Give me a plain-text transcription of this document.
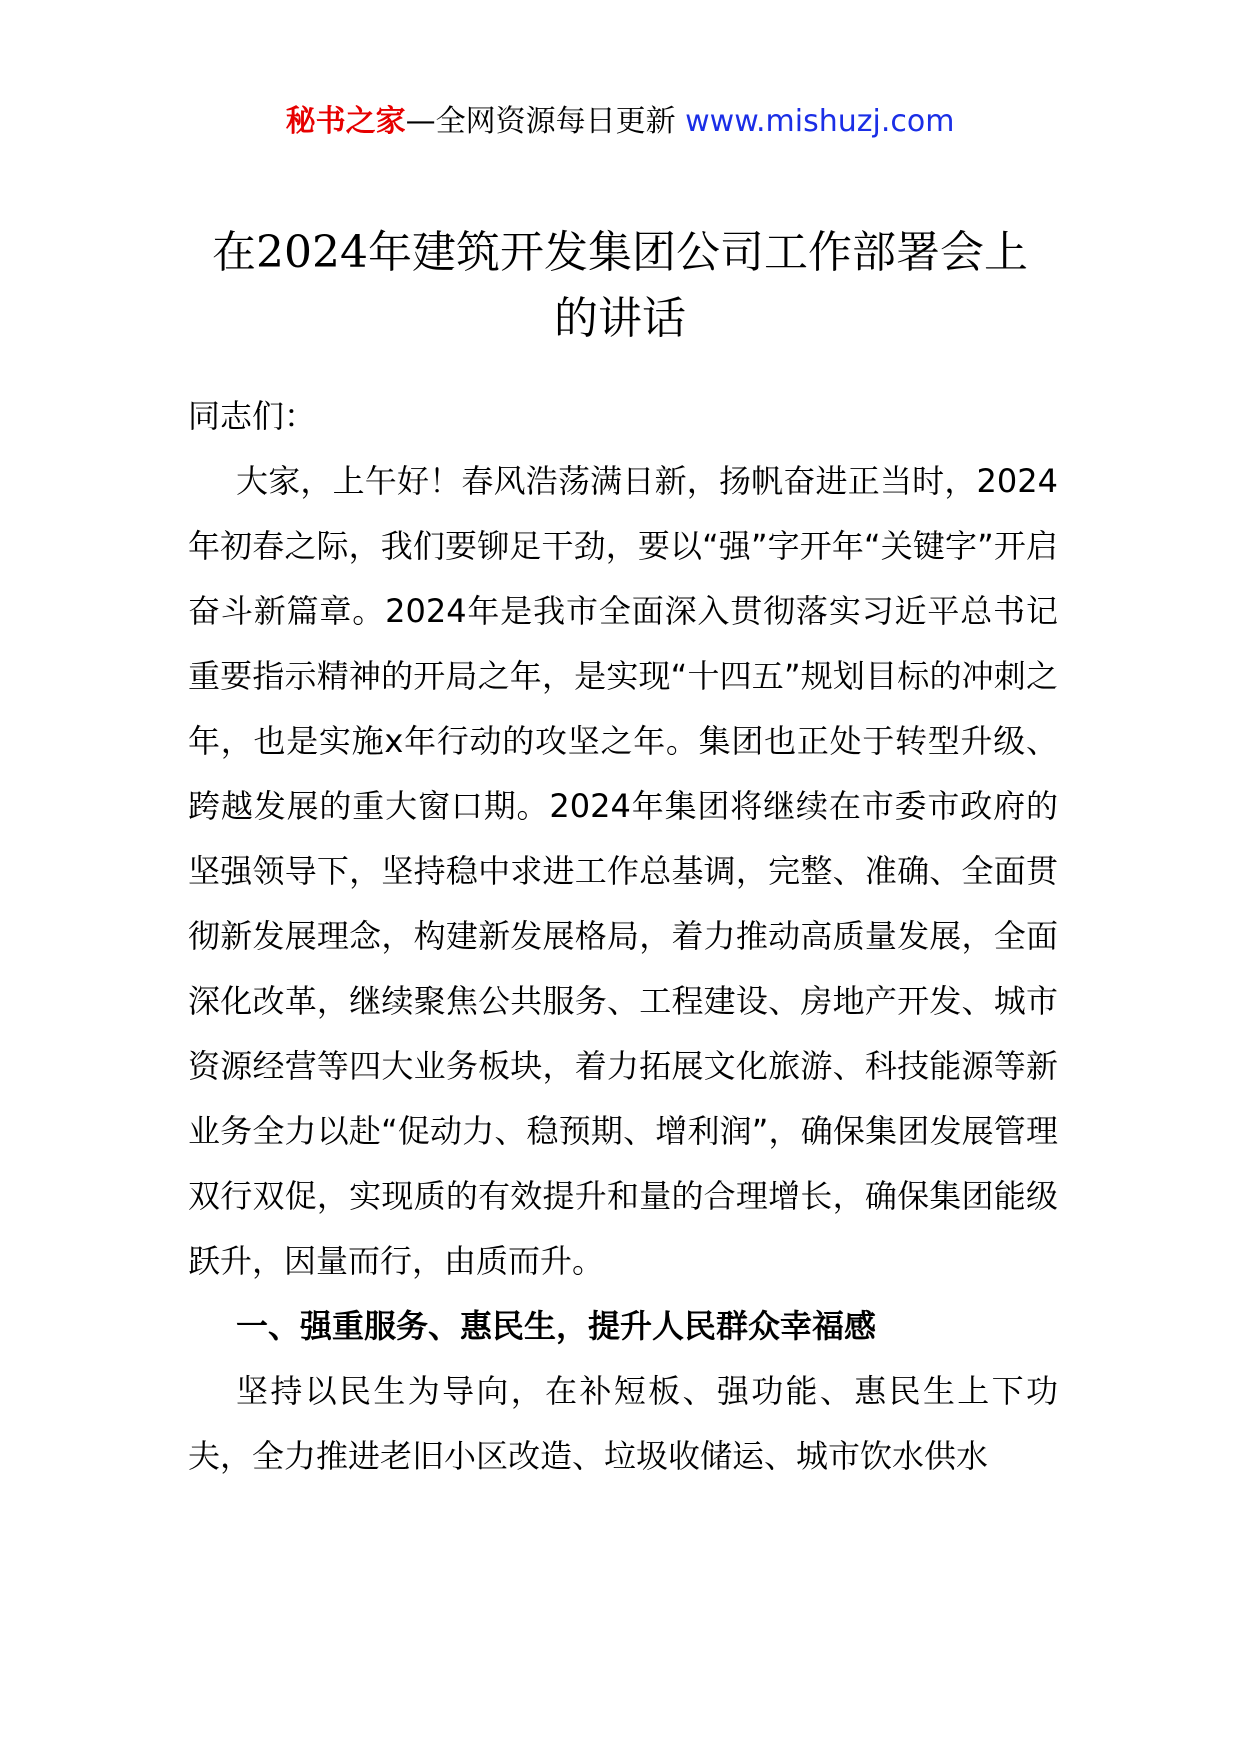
秘书之家—全网资源每日更新 www.mishuzj.com
在2024年建筑开发集团公司工作部署会上
的讲话

同志们：

大家，上午好！春风浩荡满日新，扬帆奋进正当时，2024年初春之际，我们要铆足干劲，要以“强”字开年“关键字”开启奋斗新篇章。2024年是我市全面深入贯彻落实习近平总书记重要指示精神的开局之年，是实现“十四五”规划目标的冲刺之年，也是实施x年行动的攻坚之年。集团也正处于转型升级、跨越发展的重大窗口期。2024年集团将继续在市委市政府的坚强领导下，坚持稳中求进工作总基调，完整、准确、全面贯彻新发展理念，构建新发展格局，着力推动高质量发展，全面深化改革，继续聚焦公共服务、工程建设、房地产开发、城市资源经营等四大业务板块，着力拓展文化旅游、科技能源等新业务全力以赴“促动力、稳预期、增利润”，确保集团发展管理双行双促，实现质的有效提升和量的合理增长，确保集团能级跃升，因量而行，由质而升。

一、强重服务、惠民生，提升人民群众幸福感

坚持以民生为导向，在补短板、强功能、惠民生上下功夫，全力推进老旧小区改造、垃圾收储运、城市饮水供水
